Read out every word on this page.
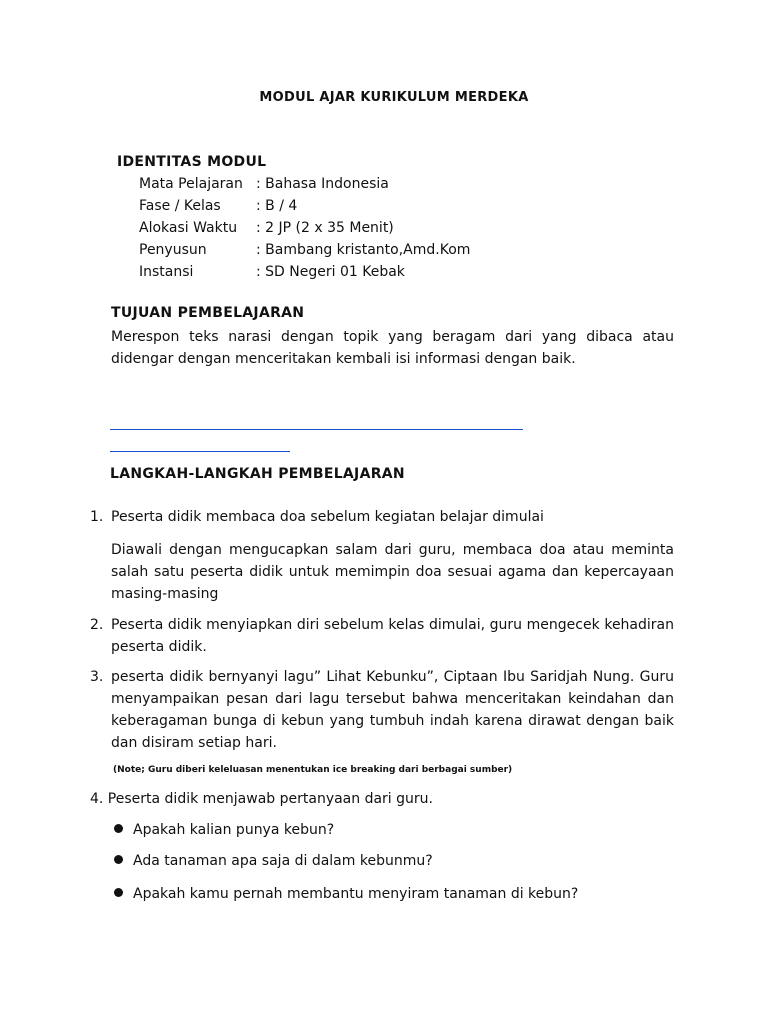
MODUL AJAR KURIKULUM MERDEKA
IDENTITAS MODUL
Mata Pelajaran : Bahasa Indonesia
Fase / Kelas	: B / 4
Alokasi Waktu : 2 JP (2 x 35 Menit)
Penyusun	: Bambang kristanto,Amd.Kom
Instansi	: SD Negeri 01 Kebak
TUJUAN PEMBELAJARAN
Merespon teks narasi dengan topik yang beragam dari yang dibaca atau didengar dengan menceritakan kembali isi informasi dengan baik.
LANGKAH-LANGKAH PEMBELAJARAN
1. Peserta didik membaca doa sebelum kegiatan belajar dimulai
Diawali dengan mengucapkan salam dari guru, membaca doa atau meminta salah satu peserta didik untuk memimpin doa sesuai agama dan kepercayaan masing-masing
2. Peserta didik menyiapkan diri sebelum kelas dimulai, guru mengecek kehadiran peserta didik.
3. peserta didik bernyanyi lagu” Lihat Kebunku”, Ciptaan Ibu Saridjah Nung. Guru menyampaikan pesan dari lagu tersebut bahwa menceritakan keindahan dan keberagaman bunga di kebun yang tumbuh indah karena dirawat dengan baik dan disiram setiap hari.
(Note; Guru diberi keleluasan menentukan ice breaking dari berbagai sumber)
4. Peserta didik menjawab pertanyaan dari guru.
Apakah kalian punya kebun?
Ada tanaman apa saja di dalam kebunmu?
Apakah kamu pernah membantu menyiram tanaman di kebun?
